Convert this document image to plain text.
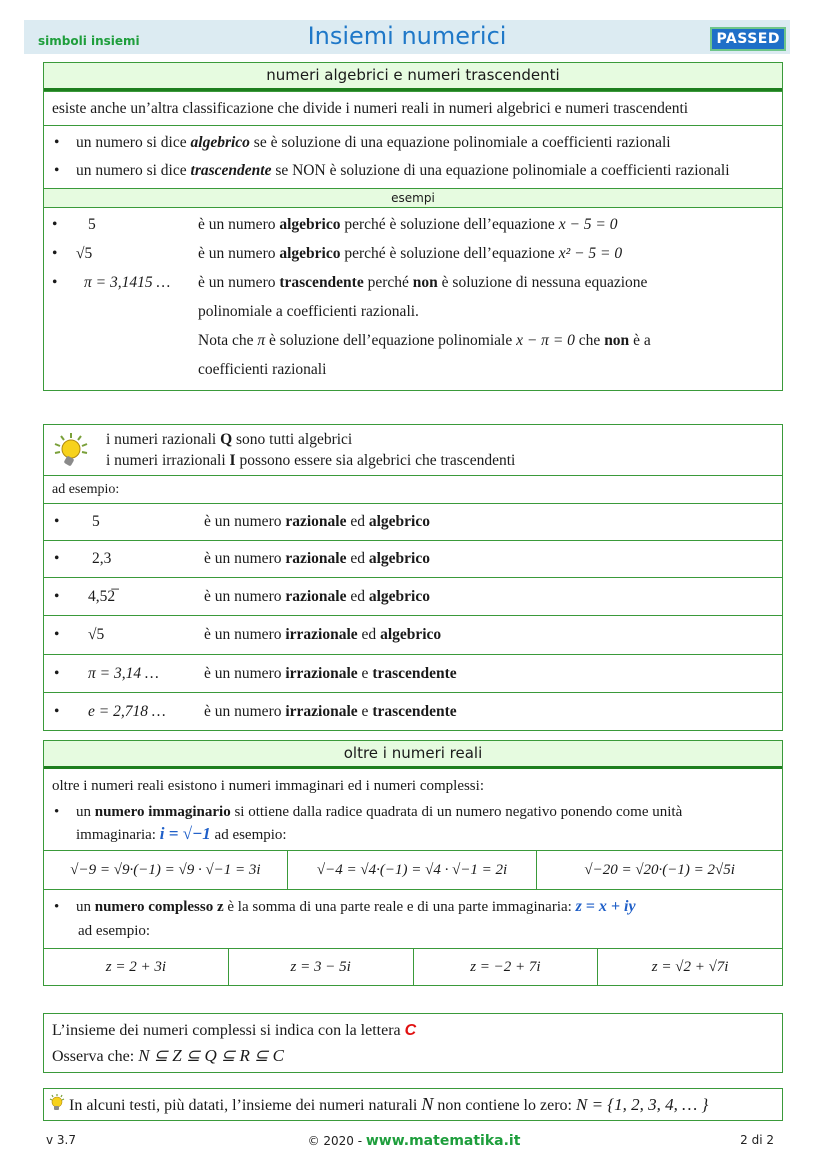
simboli insiemi	Insiemi numerici	PASSED
numeri algebrici e numeri trascendenti
esiste anche un’altra classificazione che divide i numeri reali in numeri algebrici e numeri trascendenti
• un numero si dice algebrico se è soluzione di una equazione polinomiale a coefficienti razionali
• un numero si dice trascendente se NON è soluzione di una equazione polinomiale a coefficienti razionali
esempi
• 5	è un numero algebrico perché è soluzione dell’equazione x − 5 = 0
• √5	è un numero algebrico perché è soluzione dell’equazione x² − 5 = 0
• π = 3,1415 … è un numero trascendente perché non è soluzione di nessuna equazione
polinomiale a coefficienti razionali.
Nota che π è soluzione dell’equazione polinomiale x − π = 0 che non è a
coefficienti razionali
i numeri razionali Q sono tutti algebrici
i numeri irrazionali I possono essere sia algebrici che trascendenti
ad esempio:
• 5	è un numero razionale ed algebrico
• 2,3	è un numero razionale ed algebrico
• 4,52̅	è un numero razionale ed algebrico
• √5	è un numero irrazionale ed algebrico
• π = 3,14 …	è un numero irrazionale e trascendente
• e = 2,718 … è un numero irrazionale e trascendente
oltre i numeri reali
oltre i numeri reali esistono i numeri immaginari ed i numeri complessi:
• un numero immaginario si ottiene dalla radice quadrata di un numero negativo ponendo come unità
immaginaria: i = √−1 ad esempio:
√−9 = √9·(−1) = √9 · √−1 = 3i	√−4 = √4·(−1) = √4 · √−1 = 2i	√−20 = √20·(−1) = 2√5i
• un numero complesso z è la somma di una parte reale e di una parte immaginaria: z = x + iy
ad esempio:
z = 2 + 3i	z = 3 − 5i	z = −2 + 7i	z = √2 + √7i
L’insieme dei numeri complessi si indica con la lettera C
Osserva che: N ⊆ Z ⊆ Q ⊆ R ⊆ C
In alcuni testi, più datati, l’insieme dei numeri naturali N non contiene lo zero: N = {1, 2, 3, 4, … }
v 3.7	© 2020 - www.matematika.it	2 di 2
